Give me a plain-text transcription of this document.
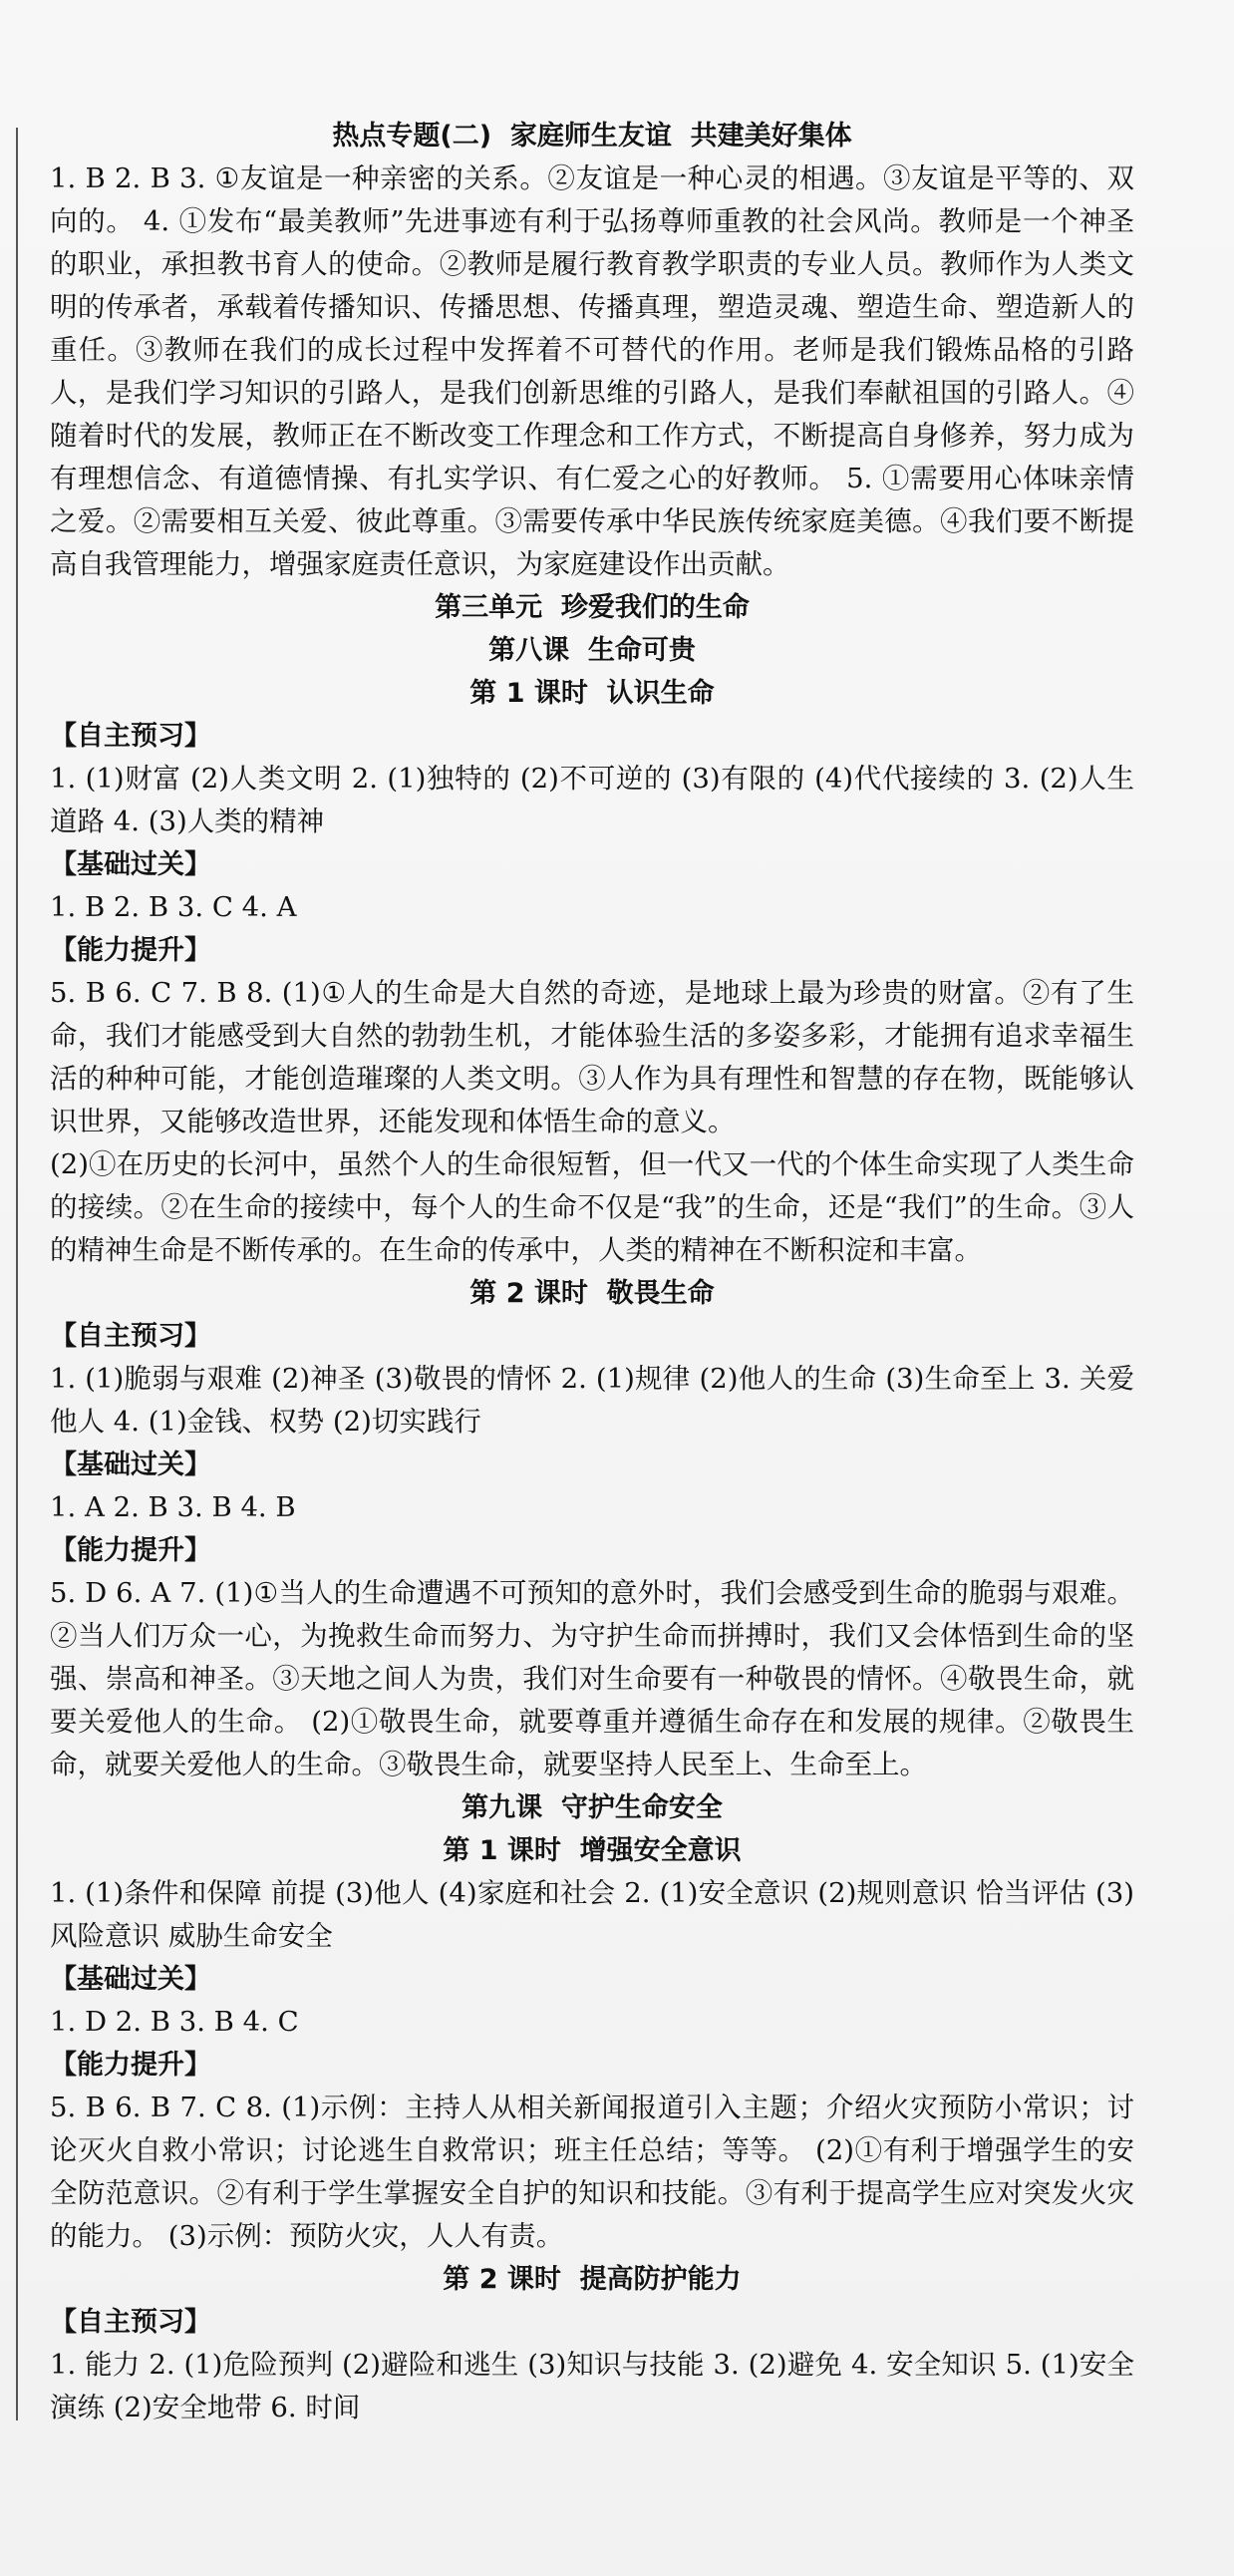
热点专题(二)  家庭师生友谊  共建美好集体
1. B 2. B 3. ①友谊是一种亲密的关系。②友谊是一种心灵的相遇。③友谊是平等的、双向的。 4. ①发布“最美教师”先进事迹有利于弘扬尊师重教的社会风尚。教师是一个神圣的职业，承担教书育人的使命。②教师是履行教育教学职责的专业人员。教师作为人类文明的传承者，承载着传播知识、传播思想、传播真理，塑造灵魂、塑造生命、塑造新人的重任。③教师在我们的成长过程中发挥着不可替代的作用。老师是我们锻炼品格的引路人，是我们学习知识的引路人，是我们创新思维的引路人，是我们奉献祖国的引路人。④随着时代的发展，教师正在不断改变工作理念和工作方式，不断提高自身修养，努力成为有理想信念、有道德情操、有扎实学识、有仁爱之心的好教师。 5. ①需要用心体味亲情之爱。②需要相互关爱、彼此尊重。③需要传承中华民族传统家庭美德。④我们要不断提高自我管理能力，增强家庭责任意识，为家庭建设作出贡献。
第三单元  珍爱我们的生命
第八课  生命可贵
第 1 课时  认识生命
【自主预习】
1. (1)财富 (2)人类文明 2. (1)独特的 (2)不可逆的 (3)有限的 (4)代代接续的 3. (2)人生道路 4. (3)人类的精神
【基础过关】
1. B 2. B 3. C 4. A
【能力提升】
5. B 6. C 7. B 8. (1)①人的生命是大自然的奇迹，是地球上最为珍贵的财富。②有了生命，我们才能感受到大自然的勃勃生机，才能体验生活的多姿多彩，才能拥有追求幸福生活的种种可能，才能创造璀璨的人类文明。③人作为具有理性和智慧的存在物，既能够认识世界，又能够改造世界，还能发现和体悟生命的意义。
(2)①在历史的长河中，虽然个人的生命很短暂，但一代又一代的个体生命实现了人类生命的接续。②在生命的接续中，每个人的生命不仅是“我”的生命，还是“我们”的生命。③人的精神生命是不断传承的。在生命的传承中，人类的精神在不断积淀和丰富。
第 2 课时  敬畏生命
【自主预习】
1. (1)脆弱与艰难 (2)神圣 (3)敬畏的情怀 2. (1)规律 (2)他人的生命 (3)生命至上 3. 关爱他人 4. (1)金钱、权势 (2)切实践行
【基础过关】
1. A 2. B 3. B 4. B
【能力提升】
5. D 6. A 7. (1)①当人的生命遭遇不可预知的意外时，我们会感受到生命的脆弱与艰难。②当人们万众一心，为挽救生命而努力、为守护生命而拼搏时，我们又会体悟到生命的坚强、崇高和神圣。③天地之间人为贵，我们对生命要有一种敬畏的情怀。④敬畏生命，就要关爱他人的生命。 (2)①敬畏生命，就要尊重并遵循生命存在和发展的规律。②敬畏生命，就要关爱他人的生命。③敬畏生命，就要坚持人民至上、生命至上。
第九课  守护生命安全
第 1 课时  增强安全意识
1. (1)条件和保障 前提 (3)他人 (4)家庭和社会 2. (1)安全意识 (2)规则意识 恰当评估 (3)风险意识 威胁生命安全
【基础过关】
1. D 2. B 3. B 4. C
【能力提升】
5. B 6. B 7. C 8. (1)示例：主持人从相关新闻报道引入主题；介绍火灾预防小常识；讨论灭火自救小常识；讨论逃生自救常识；班主任总结；等等。 (2)①有利于增强学生的安全防范意识。②有利于学生掌握安全自护的知识和技能。③有利于提高学生应对突发火灾的能力。 (3)示例：预防火灾，人人有责。
第 2 课时  提高防护能力
【自主预习】
1. 能力 2. (1)危险预判 (2)避险和逃生 (3)知识与技能 3. (2)避免 4. 安全知识 5. (1)安全演练 (2)安全地带 6. 时间
